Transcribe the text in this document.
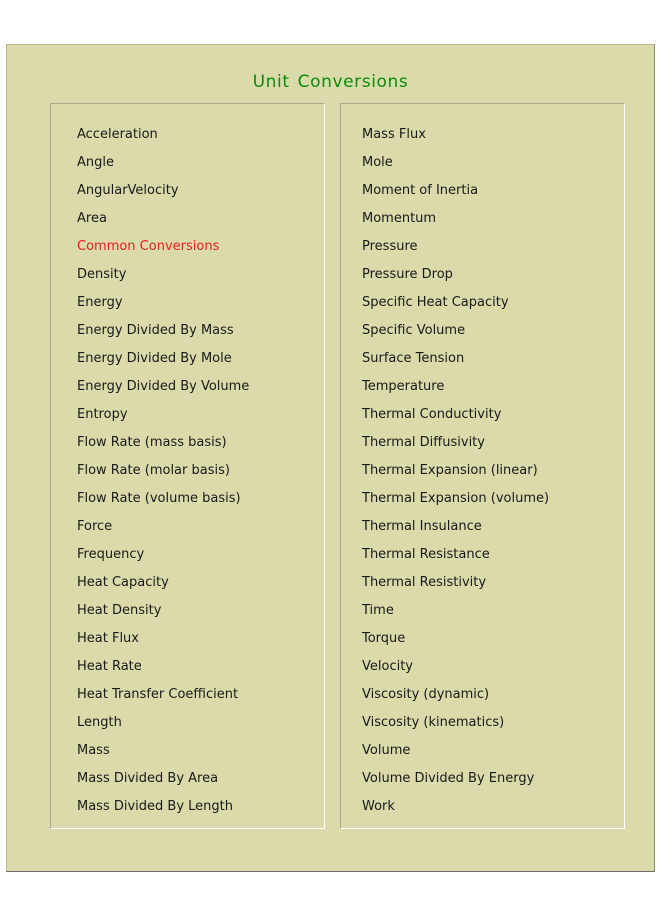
Unit Conversions
Acceleration
Angle
AngularVelocity
Area
Common Conversions
Density
Energy
Energy Divided By Mass
Energy Divided By Mole
Energy Divided By Volume
Entropy
Flow Rate (mass basis)
Flow Rate (molar basis)
Flow Rate (volume basis)
Force
Frequency
Heat Capacity
Heat Density
Heat Flux
Heat Rate
Heat Transfer Coefficient
Length
Mass
Mass Divided By Area
Mass Divided By Length
Mass Flux
Mole
Moment of Inertia
Momentum
Pressure
Pressure Drop
Specific Heat Capacity
Specific Volume
Surface Tension
Temperature
Thermal Conductivity
Thermal Diffusivity
Thermal Expansion (linear)
Thermal Expansion (volume)
Thermal Insulance
Thermal Resistance
Thermal Resistivity
Time
Torque
Velocity
Viscosity (dynamic)
Viscosity (kinematics)
Volume
Volume Divided By Energy
Work
